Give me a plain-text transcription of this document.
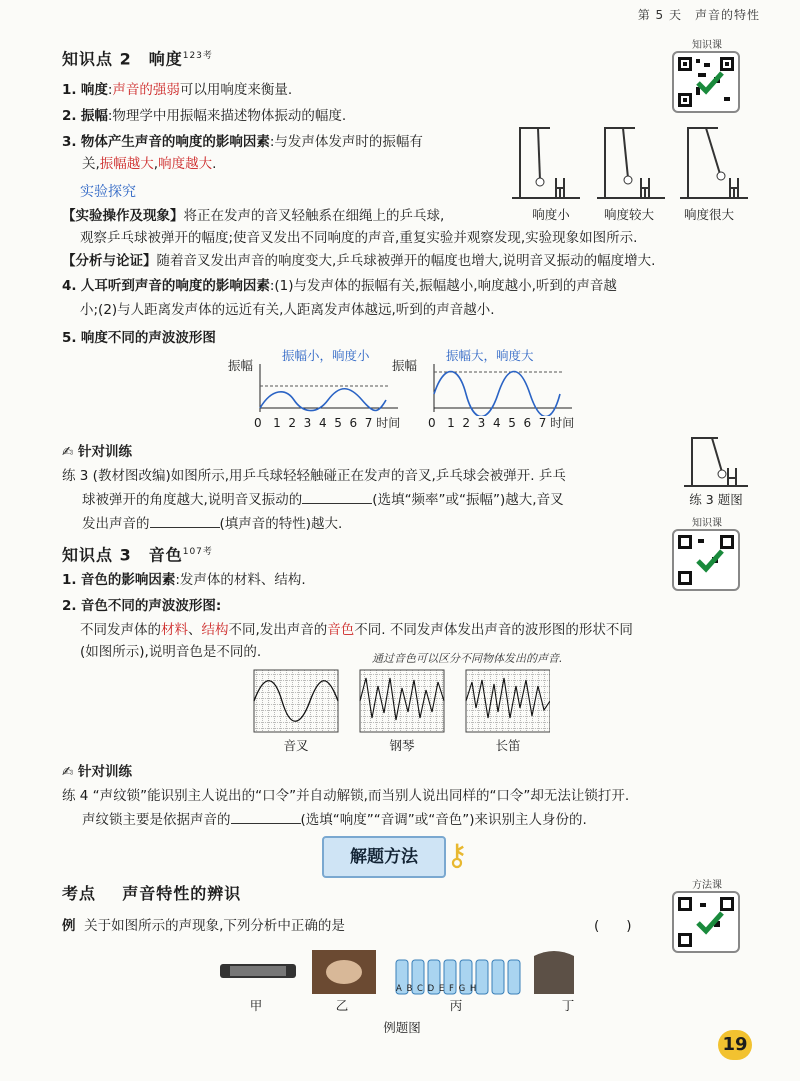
第 5 天　声音的特性
知识课
知识点 2　响度$^{123考}$
1. 响度:声音的强弱可以用响度来衡量.
2. 振幅:物理学中用振幅来描述物体振动的幅度.
3. 物体产生声音的响度的影响因素:与发声体发声时的振幅有
关,振幅越大,响度越大.
响度小	响度较大	响度很大
实验探究
【实验操作及现象】将正在发声的音叉轻触系在细绳上的乒乓球,
观察乒乓球被弹开的幅度;使音叉发出不同响度的声音,重复实验并观察发现,实验现象如图所示.
【分析与论证】随着音叉发出声音的响度变大,乒乓球被弹开的幅度也增大,说明音叉振动的幅度增大.
4. 人耳听到声音的响度的影响因素:(1)与发声体的振幅有关,振幅越小,响度越小,听到的声音越
小;(2)与人距离发声体的远近有关,人距离发声体越远,听到的声音越小.
5. 响度不同的声波波形图
振幅
振幅小，响度小
0 1 2 3 4 5 6 7 时间
振幅
振幅大，响度大
0 1 2 3 4 5 6 7 时间
✍ 针对训练
练 3 (教材图改编)如图所示,用乒乓球轻轻触碰正在发声的音叉,乒乓球会被弹开. 乒乓
球被弹开的角度越大,说明音叉振动的	(选填“频率”或“振幅”)越大,音叉
发出声音的	(填声音的特性)越大.
练 3 题图
知识课
知识点 3　音色$^{107考}$
1. 音色的影响因素:发声体的材料、结构.
2. 音色不同的声波波形图:
不同发声体的材料、结构不同,发出声音的音色不同. 不同发声体发出声音的波形图的形状不同
(如图所示),说明音色是不同的.	通过音色可以区分不同物体发出的声音.
音叉	钢琴	长笛
✍ 针对训练
练 4 “声纹锁”能识别主人说出的“口令”并自动解锁,而当别人说出同样的“口令”却无法让锁打开.
声纹锁主要是依据声音的	(选填“响度”“音调”或“音色”)来识别主人身份的.
解题方法 ⚷
考点 声音特性的辨识	方法课
例 关于如图所示的声现象,下列分析中正确的是	(　　)
A B C D E F G H
甲	乙	丙	丁
例题图
19
